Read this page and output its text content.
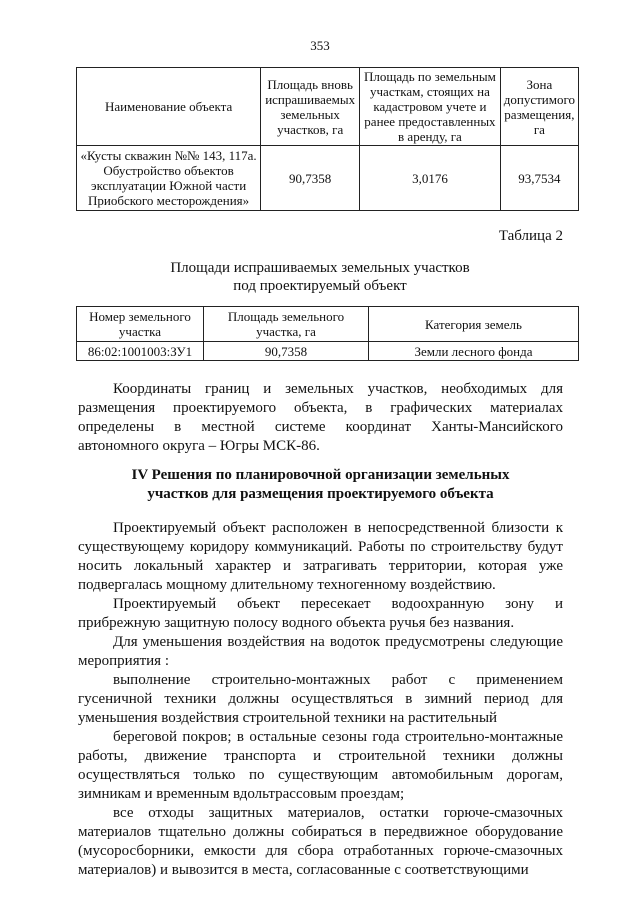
353
Наименование объекта	Площадь вновь испрашиваемых земельных участков, га	Площадь по земельным участкам, стоящих на кадастровом учете и ранее предоставленных в аренду, га	Зона допустимого размещения, га
«Кусты скважин №№ 143, 117а. Обустройство объектов эксплуатации Южной части Приобского месторождения»	90,7358	3,0176	93,7534
Таблица 2
Площади испрашиваемых земельных участков
под проектируемый объект
Номер земельного участка	Площадь земельного участка, га	Категория земель
86:02:1001003:ЗУ1	90,7358	Земли лесного фонда
Координаты границ и земельных участков, необходимых для размещения проектируемого объекта, в графических материалах определены в местной системе координат Ханты-Мансийского автономного округа – Югры МСК-86.
IV Решения по планировочной организации земельных
участков для размещения проектируемого объекта
Проектируемый объект расположен в непосредственной близости к существующему коридору коммуникаций. Работы по строительству будут носить локальный характер и затрагивать территории, которая уже подвергалась мощному длительному техногенному воздействию.
Проектируемый объект пересекает водоохранную зону и прибрежную защитную полосу водного объекта ручья без названия.
Для уменьшения воздействия на водоток предусмотрены следующие мероприятия :
выполнение строительно-монтажных работ с применением гусеничной техники должны осуществляться в зимний период для уменьшения воздействия строительной техники на растительный
береговой покров; в остальные сезоны года строительно-монтажные работы, движение транспорта и строительной техники должны осуществляться только по существующим автомобильным дорогам, зимникам и временным вдольтрассовым проездам;
все отходы защитных материалов, остатки горюче-смазочных материалов тщательно должны собираться в передвижное оборудование (мусоросборники, емкости для сбора отработанных горюче-смазочных материалов) и вывозится в места, согласованные с соответствующими
